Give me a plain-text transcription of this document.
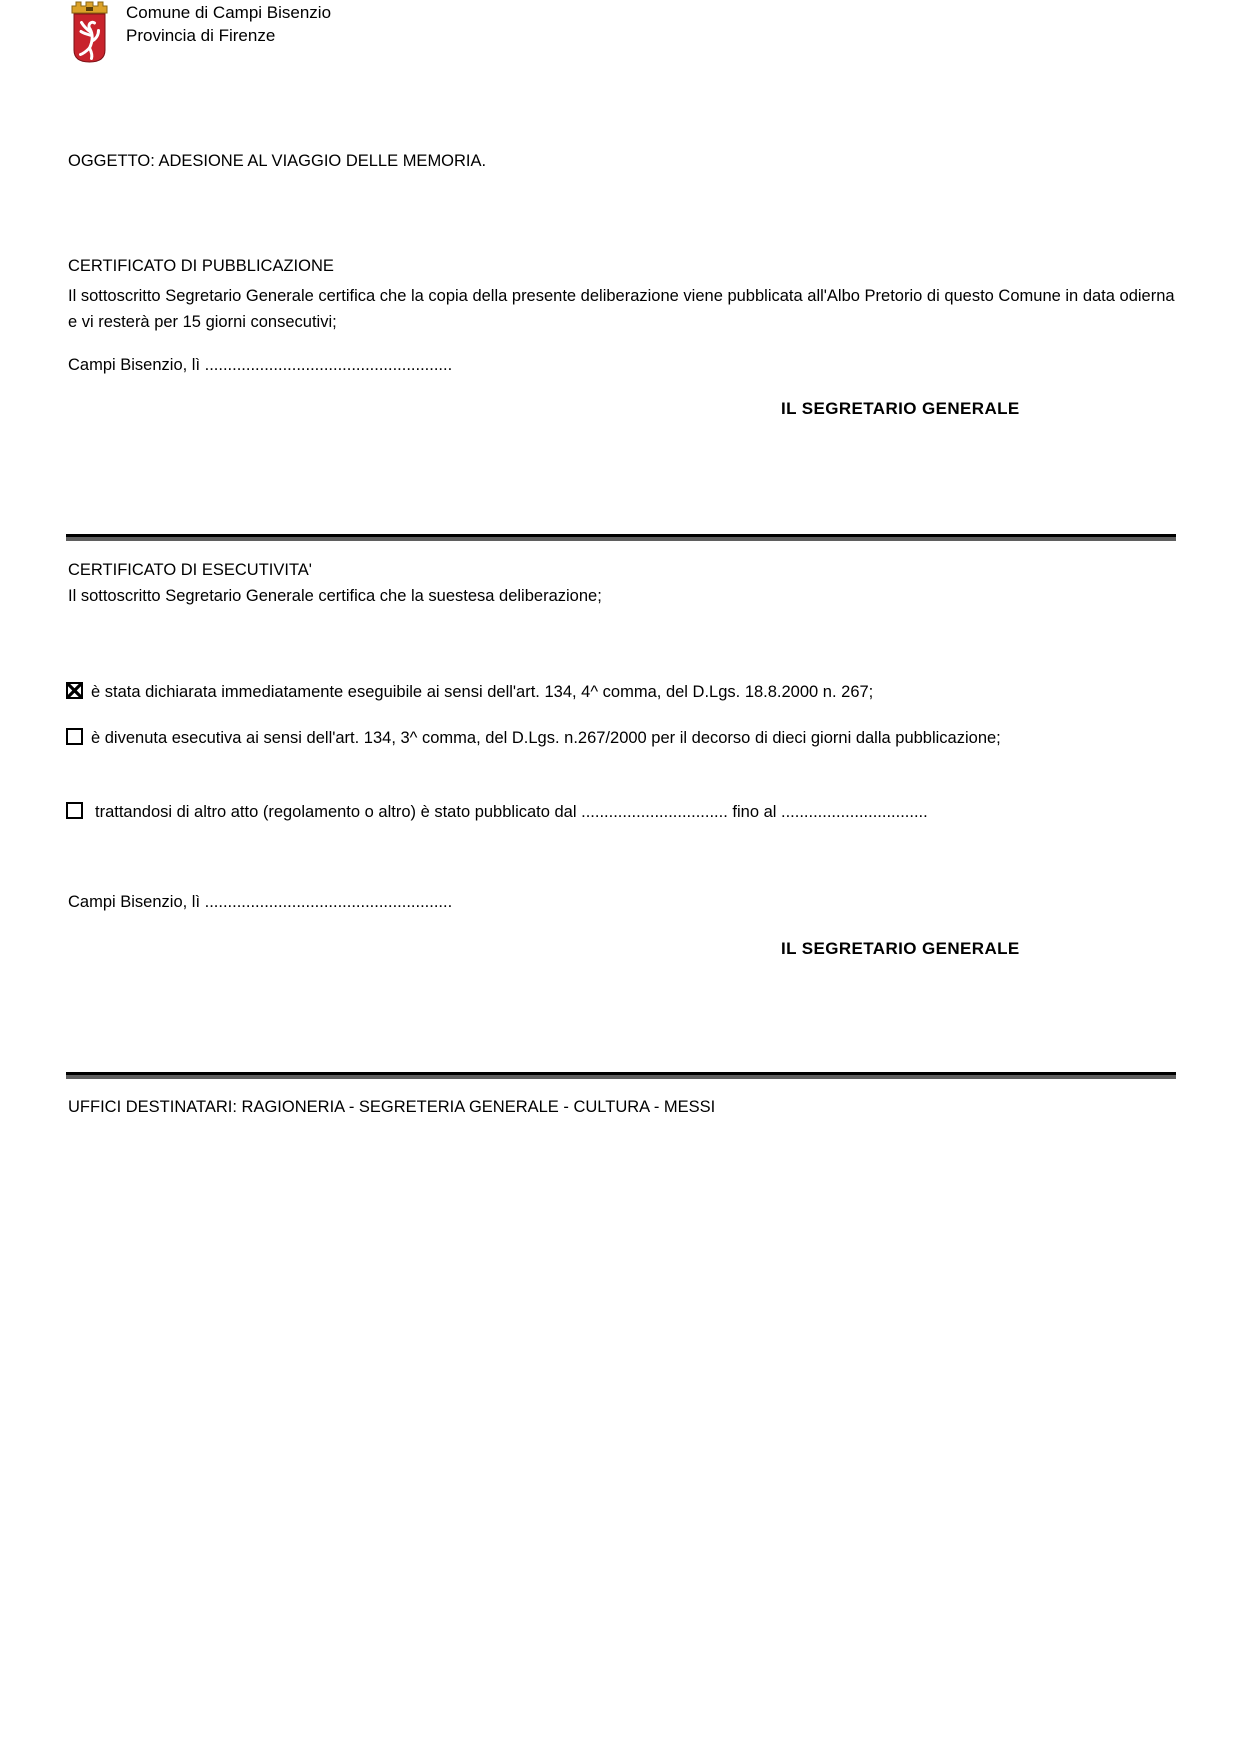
Comune di Campi Bisenzio
Provincia di Firenze
OGGETTO: ADESIONE AL VIAGGIO DELLE MEMORIA.
CERTIFICATO DI PUBBLICAZIONE

Il sottoscritto Segretario Generale certifica che la copia della presente deliberazione viene pubblicata all'Albo Pretorio di questo Comune in data odierna e vi resterà per 15 giorni consecutivi;

Campi Bisenzio, lì ......................................................
IL SEGRETARIO GENERALE
CERTIFICATO DI ESECUTIVITA'
Il sottoscritto Segretario Generale certifica che la suestesa deliberazione;
è stata dichiarata immediatamente eseguibile ai sensi dell'art. 134, 4^ comma, del D.Lgs. 18.8.2000 n. 267;
è divenuta esecutiva ai sensi dell'art. 134, 3^ comma, del D.Lgs. n.267/2000 per il decorso di dieci giorni dalla pubblicazione;
trattandosi di altro atto (regolamento o altro) è stato pubblicato dal ................................ fino al ................................
Campi Bisenzio, lì ......................................................
IL SEGRETARIO GENERALE
UFFICI DESTINATARI: RAGIONERIA - SEGRETERIA GENERALE - CULTURA - MESSI
